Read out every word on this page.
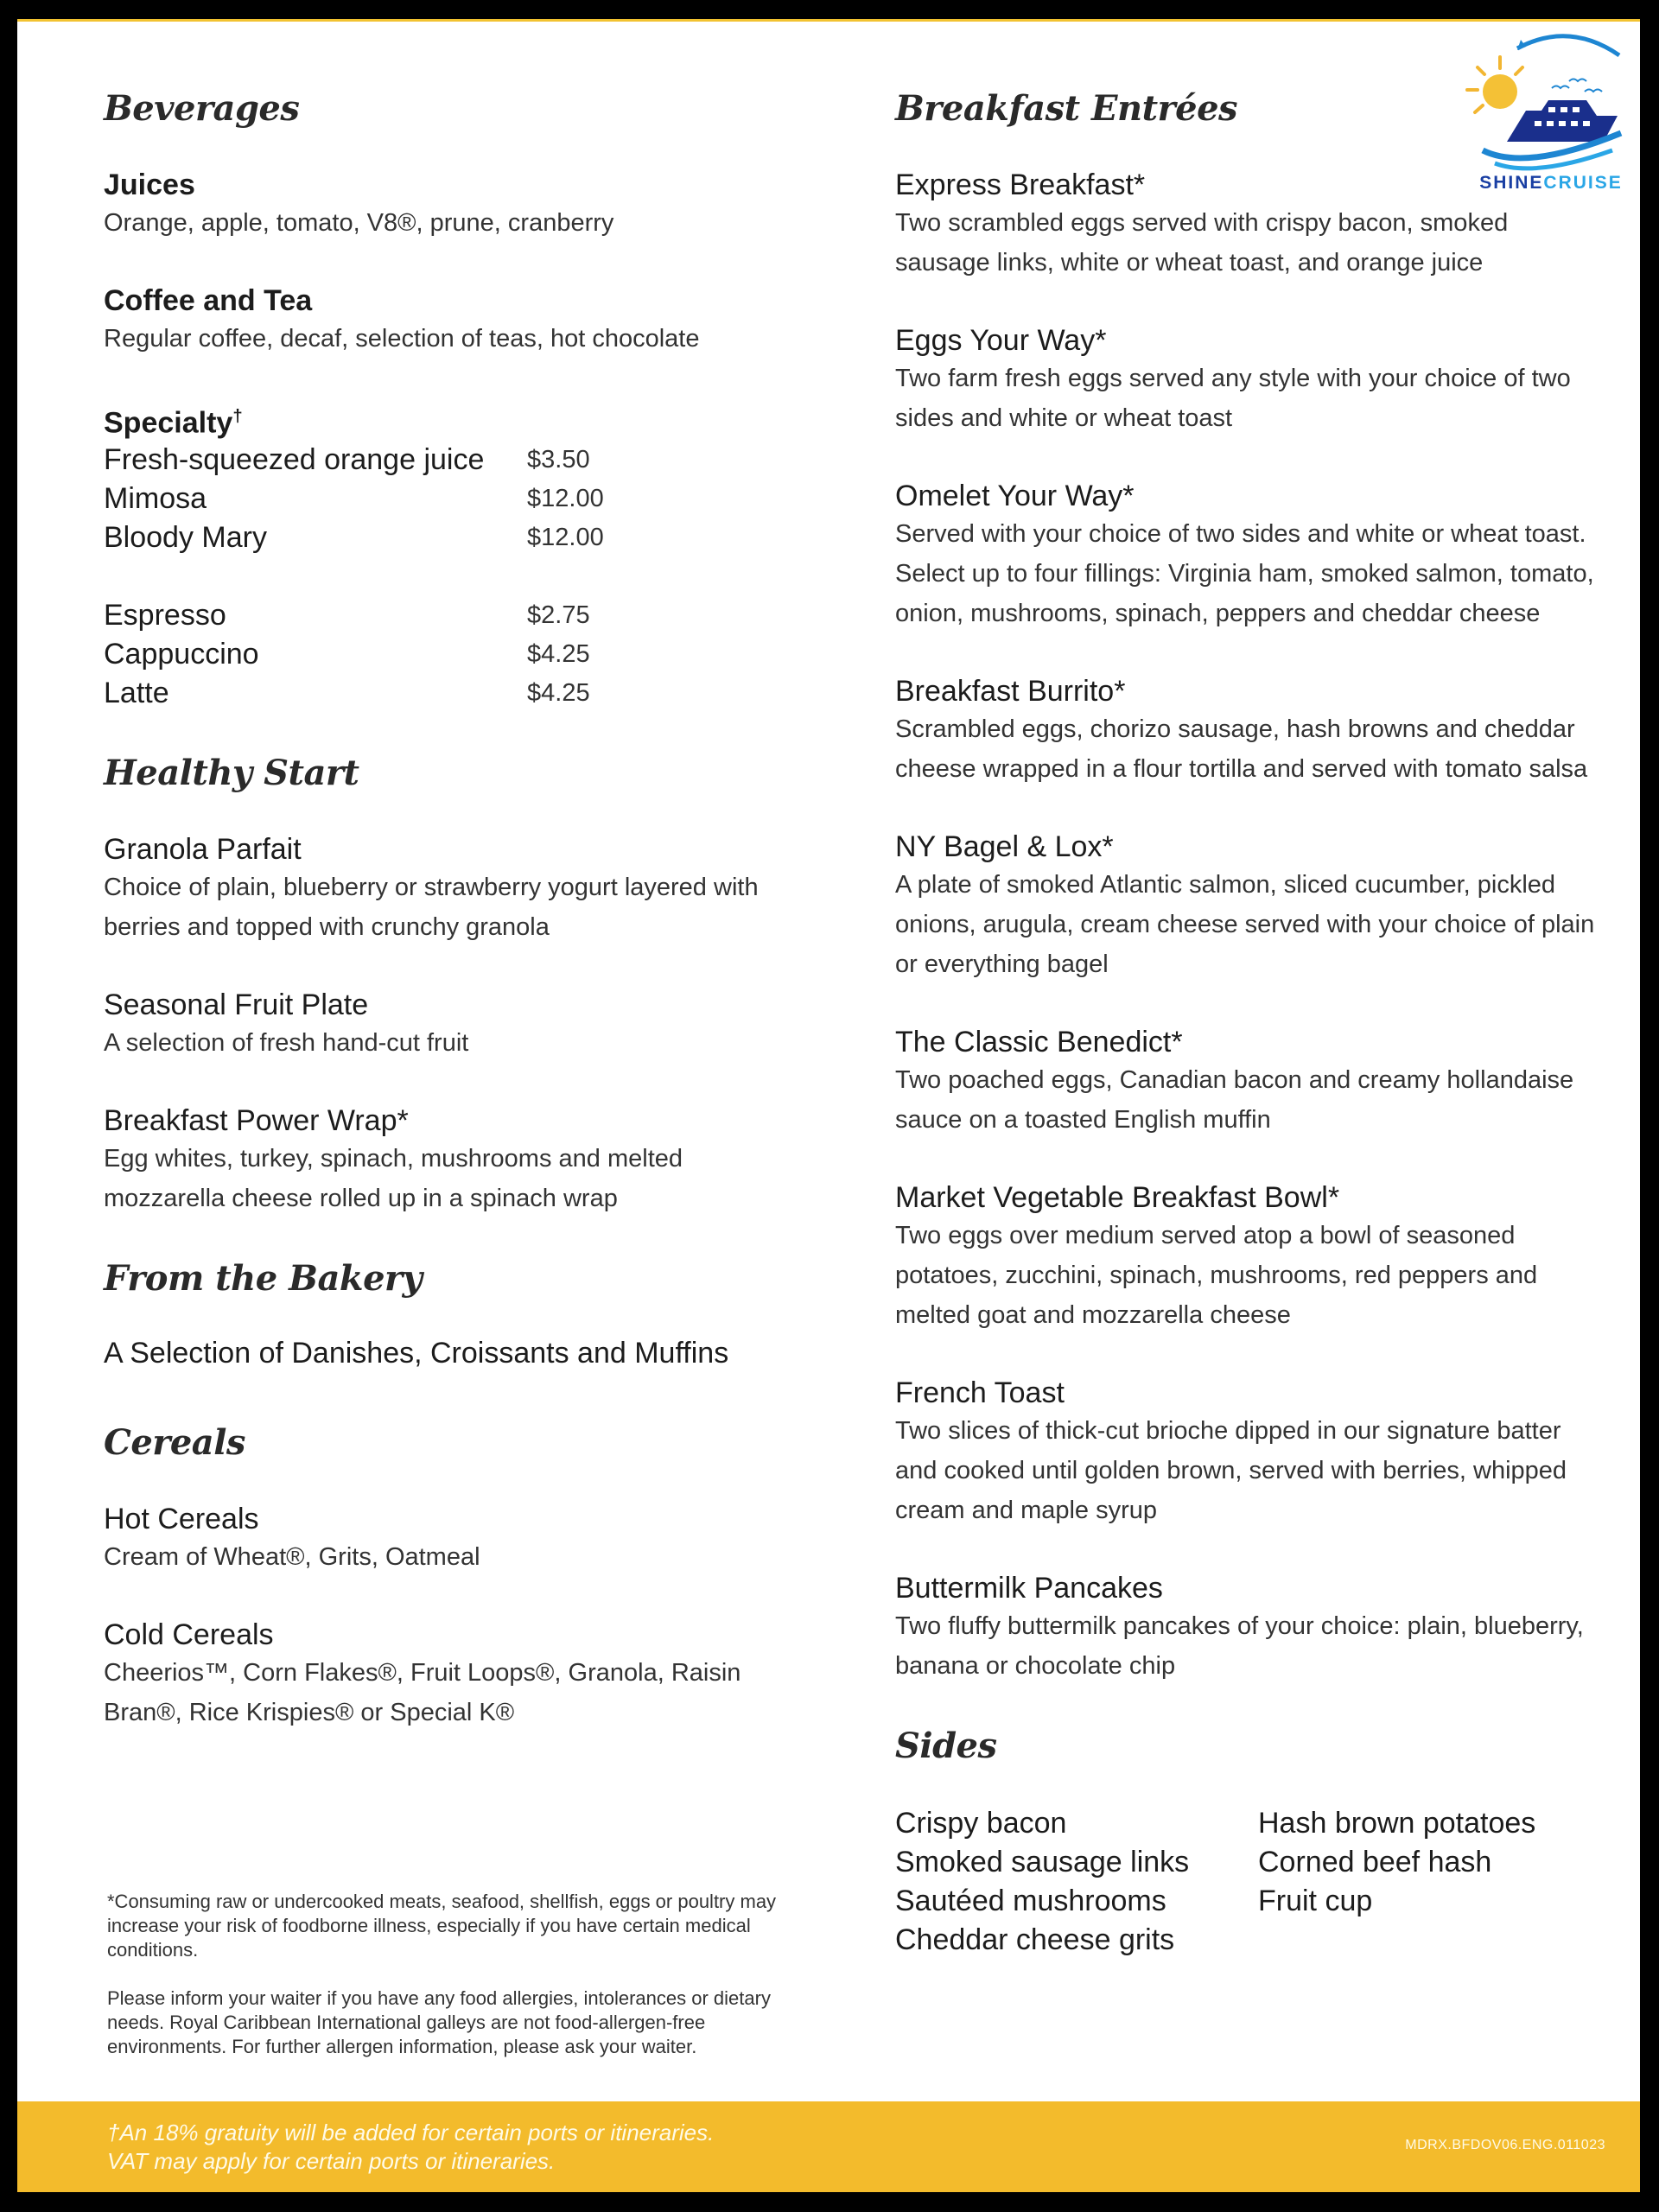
SHINECRUISE
Beverages
Juices
Orange, apple, tomato, V8®, prune, cranberry
Coffee and Tea
Regular coffee, decaf, selection of teas, hot chocolate
Specialty†
Fresh-squeezed orange juice	$3.50
Mimosa	$12.00
Bloody Mary	$12.00

Espresso	$2.75
Cappuccino	$4.25
Latte	$4.25
Healthy Start
Granola Parfait
Choice of plain, blueberry or strawberry yogurt layered with berries and topped with crunchy granola
Seasonal Fruit Plate
A selection of fresh hand-cut fruit
Breakfast Power Wrap*
Egg whites, turkey, spinach, mushrooms and melted mozzarella cheese rolled up in a spinach wrap
From the Bakery
A Selection of Danishes, Croissants and Muffins
Cereals
Hot Cereals
Cream of Wheat®, Grits, Oatmeal
Cold Cereals
Cheerios™, Corn Flakes®, Fruit Loops®, Granola, Raisin Bran®, Rice Krispies® or Special K®

*Consuming raw or undercooked meats, seafood, shellfish, eggs or poultry may increase your risk of foodborne illness, especially if you have certain medical conditions.

Please inform your waiter if you have any food allergies, intolerances or dietary needs. Royal Caribbean International galleys are not food-allergen-free environments. For further allergen information, please ask your waiter.

Breakfast Entrées
Express Breakfast*
Two scrambled eggs served with crispy bacon, smoked sausage links, white or wheat toast, and orange juice
Eggs Your Way*
Two farm fresh eggs served any style with your choice of two sides and white or wheat toast
Omelet Your Way*
Served with your choice of two sides and white or wheat toast. Select up to four fillings: Virginia ham, smoked salmon, tomato, onion, mushrooms, spinach, peppers and cheddar cheese
Breakfast Burrito*
Scrambled eggs, chorizo sausage, hash browns and cheddar cheese wrapped in a flour tortilla and served with tomato salsa
NY Bagel & Lox*
A plate of smoked Atlantic salmon, sliced cucumber, pickled onions, arugula, cream cheese served with your choice of plain or everything bagel
The Classic Benedict*
Two poached eggs, Canadian bacon and creamy hollandaise sauce on a toasted English muffin
Market Vegetable Breakfast Bowl*
Two eggs over medium served atop a bowl of seasoned potatoes, zucchini, spinach, mushrooms, red peppers and melted goat and mozzarella cheese
French Toast
Two slices of thick-cut brioche dipped in our signature batter and cooked until golden brown, served with berries, whipped cream and maple syrup
Buttermilk Pancakes
Two fluffy buttermilk pancakes of your choice: plain, blueberry, banana or chocolate chip
Sides
Crispy bacon	Hash brown potatoes
Smoked sausage links	Corned beef hash
Sautéed mushrooms	Fruit cup
Cheddar cheese grits
†An 18% gratuity will be added for certain ports or itineraries.
VAT may apply for certain ports or itineraries.
MDRX.BFDOV06.ENG.011023
